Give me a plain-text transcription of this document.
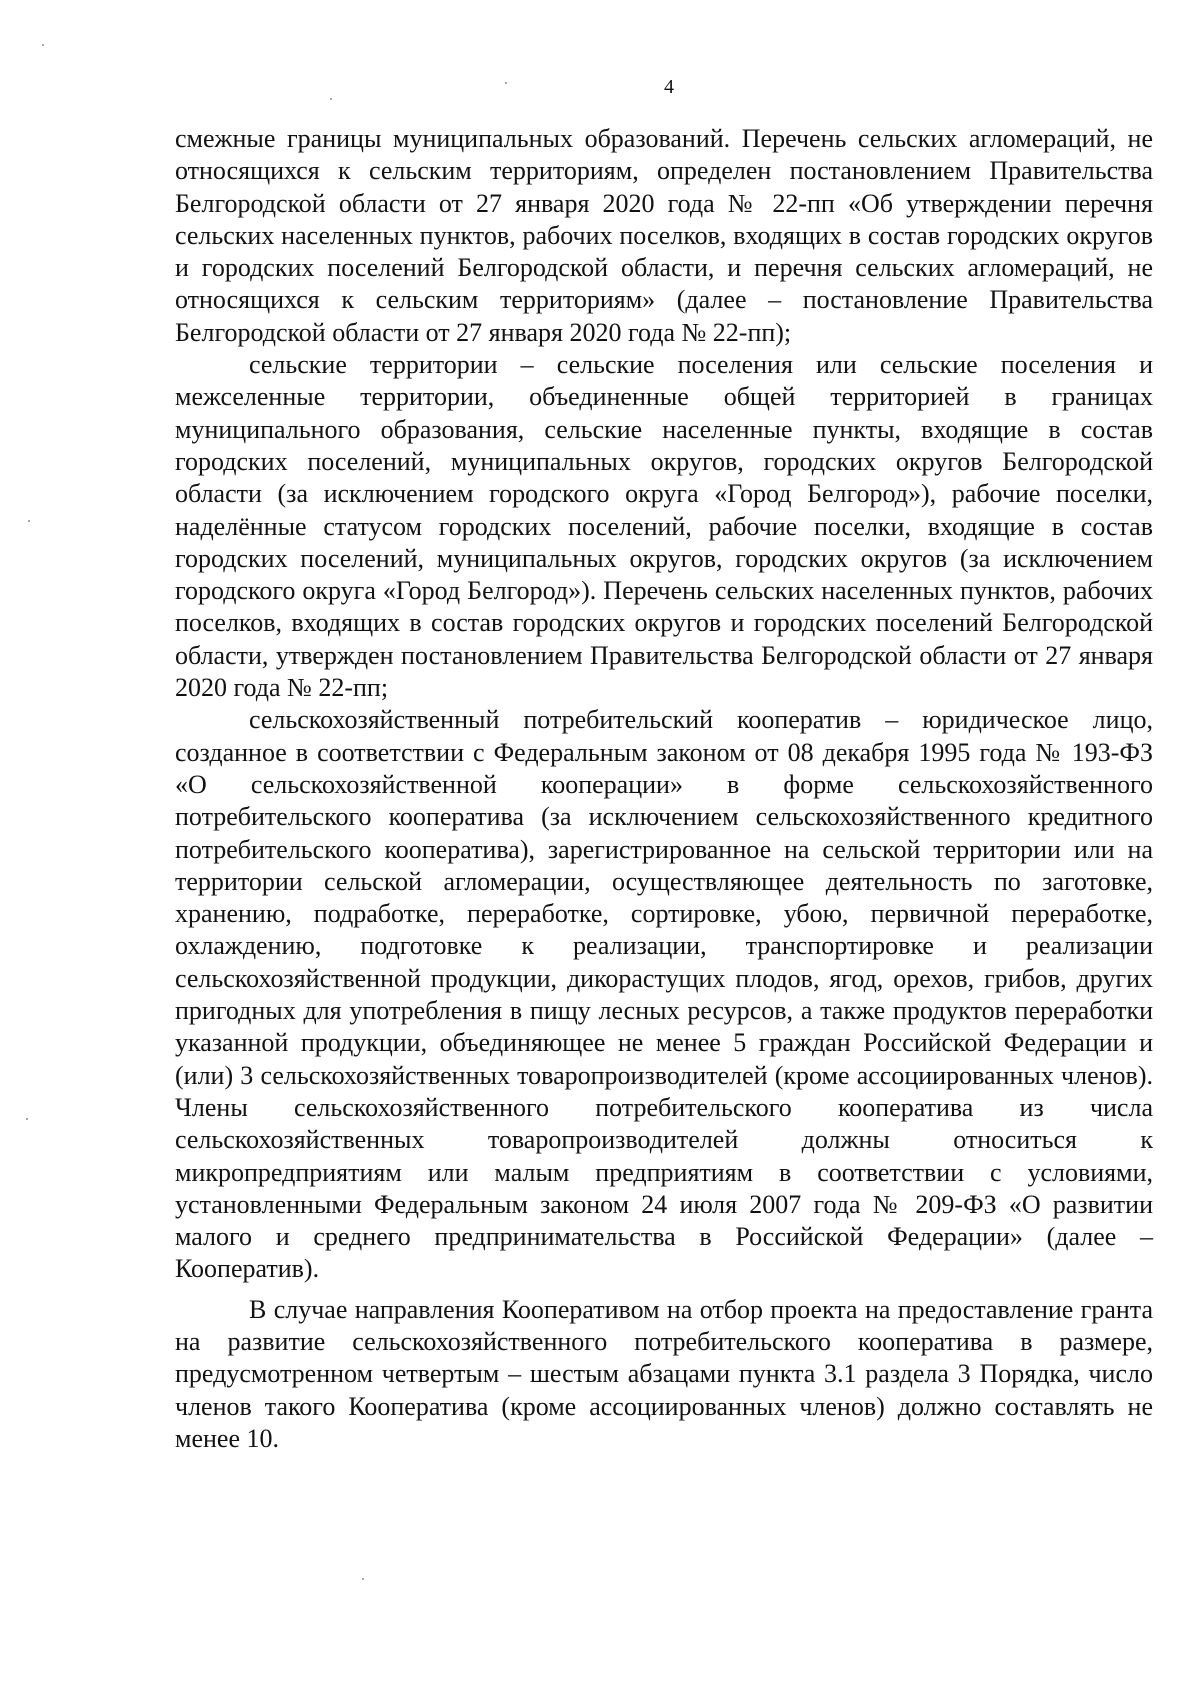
4

смежные границы муниципальных образований. Перечень сельских агломераций, не относящихся к сельским территориям, определен постановлением Правительства Белгородской области от 27 января 2020 года № 22-пп «Об утверждении перечня сельских населенных пунктов, рабочих поселков, входящих в состав городских округов и городских поселений Белгородской области, и перечня сельских агломераций, не относящихся к сельским территориям» (далее – постановление Правительства Белгородской области от 27 января 2020 года № 22-пп);

сельские территории – сельские поселения или сельские поселения и межселенные территории, объединенные общей территорией в границах муниципального образования, сельские населенные пункты, входящие в состав городских поселений, муниципальных округов, городских округов Белгородской области (за исключением городского округа «Город Белгород»), рабочие поселки, наделённые статусом городских поселений, рабочие поселки, входящие в состав городских поселений, муниципальных округов, городских округов (за исключением городского округа «Город Белгород»). Перечень сельских населенных пунктов, рабочих поселков, входящих в состав городских округов и городских поселений Белгородской области, утвержден постановлением Правительства Белгородской области от 27 января 2020 года № 22-пп;

сельскохозяйственный потребительский кооператив – юридическое лицо, созданное в соответствии с Федеральным законом от 08 декабря 1995 года № 193-ФЗ «О сельскохозяйственной кооперации» в форме сельскохозяйственного потребительского кооператива (за исключением сельскохозяйственного кредитного потребительского кооператива), зарегистрированное на сельской территории или на территории сельской агломерации, осуществляющее деятельность по заготовке, хранению, подработке, переработке, сортировке, убою, первичной переработке, охлаждению, подготовке к реализации, транспортировке и реализации сельскохозяйственной продукции, дикорастущих плодов, ягод, орехов, грибов, других пригодных для употребления в пищу лесных ресурсов, а также продуктов переработки указанной продукции, объединяющее не менее 5 граждан Российской Федерации и (или) 3 сельскохозяйственных товаропроизводителей (кроме ассоциированных членов). Члены сельскохозяйственного потребительского кооператива из числа сельскохозяйственных товаропроизводителей должны относиться к микропредприятиям или малым предприятиям в соответствии с условиями, установленными Федеральным законом 24 июля 2007 года № 209-ФЗ «О развитии малого и среднего предпринимательства в Российской Федерации» (далее – Кооператив).

В случае направления Кооперативом на отбор проекта на предоставление гранта на развитие сельскохозяйственного потребительского кооператива в размере, предусмотренном четвертым – шестым абзацами пункта 3.1 раздела 3 Порядка, число членов такого Кооператива (кроме ассоциированных членов) должно составлять не менее 10.
